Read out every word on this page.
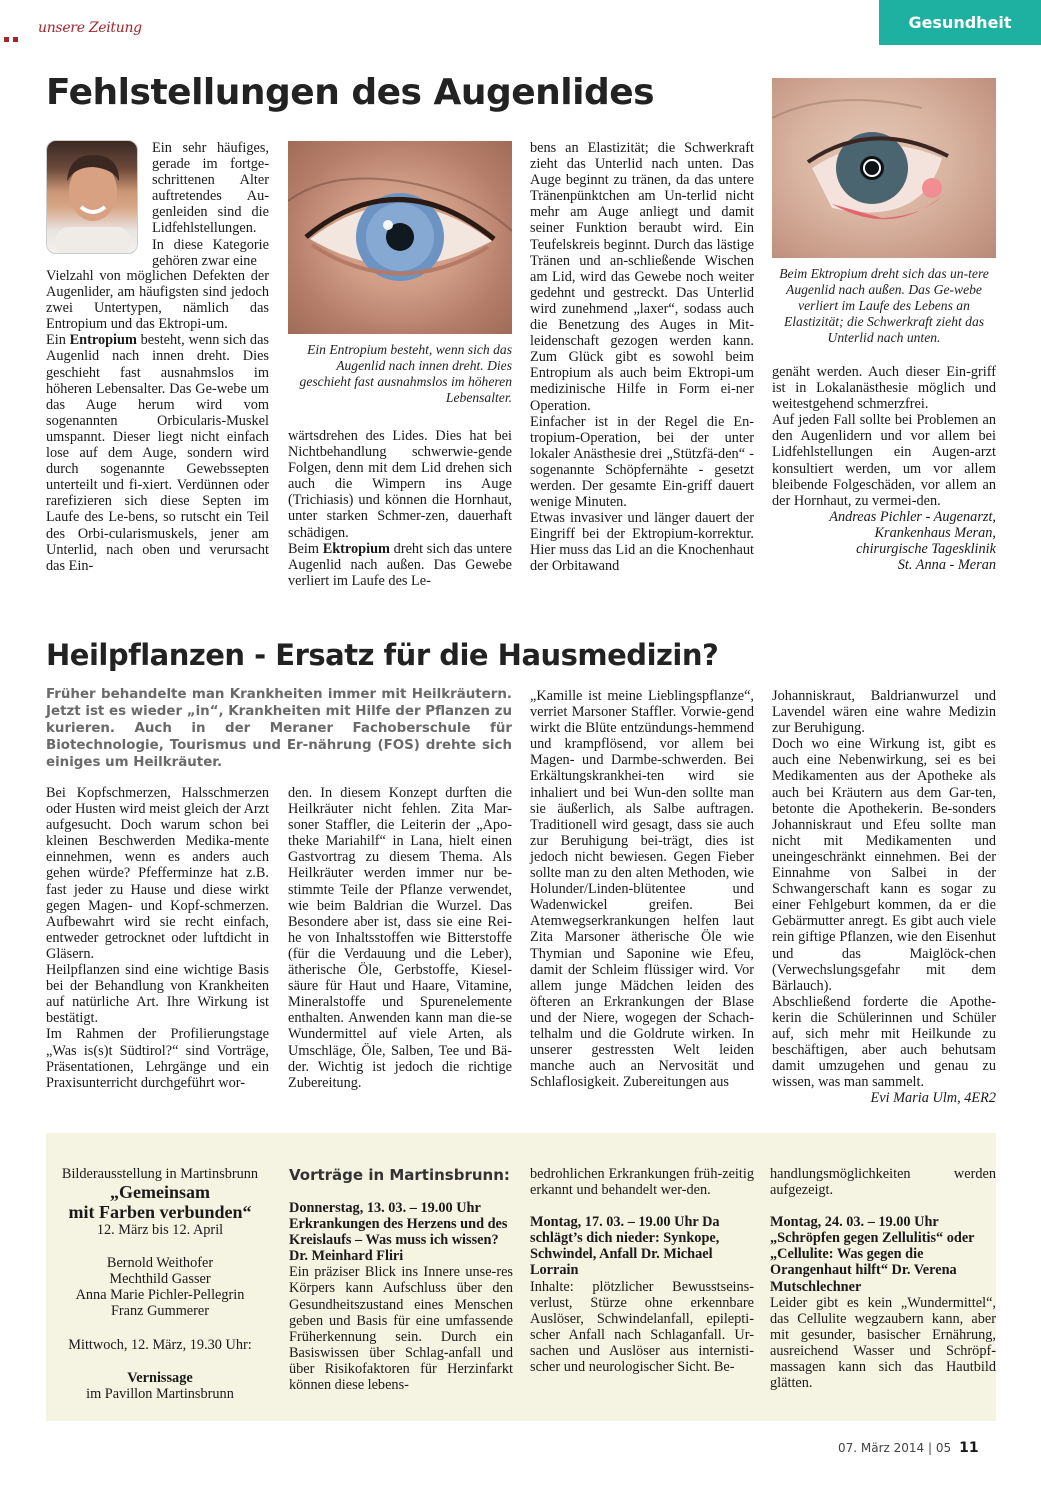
unsere Zeitung	Gesundheit
Fehlstellungen des Augenlides

Ein sehr häufiges, gerade im fortge-schrittenen Alter auftretendes Au-genleiden sind die Lidfehlstellungen. In diese Kategorie gehören zwar eine

Vielzahl von möglichen Defekten der Augenlider, am häufigsten sind jedoch zwei Untertypen, nämlich das Entropium und das Ektropi-um.

Ein Entropium besteht, wenn sich das Augenlid nach innen dreht. Dies geschieht fast ausnahmslos im höheren Lebensalter. Das Ge-webe um das Auge herum wird vom sogenannten Orbicularis-Muskel umspannt. Dieser liegt nicht einfach lose auf dem Auge, sondern wird durch sogenannte Gewebssepten unterteilt und fi-xiert. Verdünnen oder rarefizieren sich diese Septen im Laufe des Le-bens, so rutscht ein Teil des Orbi-cularismuskels, jener am Unterlid, nach oben und verursacht das Ein-

Ein Entropium besteht, wenn sich das Augenlid nach innen dreht. Dies geschieht fast ausnahmslos im höheren Lebensalter.

wärtsdrehen des Lides. Dies hat bei Nichtbehandlung schwerwie-gende Folgen, denn mit dem Lid drehen sich auch die Wimpern ins Auge (Trichiasis) und können die Hornhaut, unter starken Schmer-zen, dauerhaft schädigen.

Beim Ektropium dreht sich das untere Augenlid nach außen. Das Gewebe verliert im Laufe des Le-

bens an Elastizität; die Schwerkraft zieht das Unterlid nach unten. Das Auge beginnt zu tränen, da das untere Tränenpünktchen am Un-terlid nicht mehr am Auge anliegt und damit seiner Funktion beraubt wird. Ein Teufelskreis beginnt. Durch das lästige Tränen und an-schließende Wischen am Lid, wird das Gewebe noch weiter gedehnt und gestreckt. Das Unterlid wird zunehmend „laxer“, sodass auch die Benetzung des Auges in Mit-leidenschaft gezogen werden kann. Zum Glück gibt es sowohl beim Entropium als auch beim Ektropi-um medizinische Hilfe in Form ei-ner Operation.

Einfacher ist in der Regel die En-tropium-Operation, bei der unter lokaler Anästhesie drei „Stützfä-den“ -sogenannte Schöpfernähte - gesetzt werden. Der gesamte Ein-griff dauert wenige Minuten.

Etwas invasiver und länger dauert der Eingriff bei der Ektropium-korrektur. Hier muss das Lid an die Knochenhaut der Orbitawand

Beim Ektropium dreht sich das un-tere Augenlid nach außen. Das Ge-webe verliert im Laufe des Lebens an Elastizität; die Schwerkraft zieht das Unterlid nach unten.

genäht werden. Auch dieser Ein-griff ist in Lokalanästhesie möglich und weitestgehend schmerzfrei.

Auf jeden Fall sollte bei Problemen an den Augenlidern und vor allem bei Lidfehlstellungen ein Augen-arzt konsultiert werden, um vor allem bleibende Folgeschäden, vor allem an der Hornhaut, zu vermei-den.

Andreas Pichler - Augenarzt,
Krankenhaus Meran,
chirurgische Tagesklinik
St. Anna - Meran
Heilpflanzen - Ersatz für die Hausmedizin?
Früher behandelte man Krankheiten immer mit Heilkräutern. Jetzt ist es wieder „in“, Krankheiten mit Hilfe der Pflanzen zu kurieren. Auch in der Meraner Fachoberschule für Biotechnologie, Tourismus und Er-nährung (FOS) drehte sich einiges um Heilkräuter.

Bei Kopfschmerzen, Halsschmerzen oder Husten wird meist gleich der Arzt aufgesucht. Doch warum schon bei kleinen Beschwerden Medika-mente einnehmen, wenn es anders auch gehen würde? Pfefferminze hat z.B. fast jeder zu Hause und diese wirkt gegen Magen- und Kopf-schmerzen. Aufbewahrt wird sie recht einfach, entweder getrocknet oder luftdicht in Gläsern.

Heilpflanzen sind eine wichtige Basis bei der Behandlung von Krankheiten auf natürliche Art. Ihre Wirkung ist bestätigt.

Im Rahmen der Profilierungstage „Was is(s)t Südtirol?“ sind Vorträge, Präsentationen, Lehrgänge und ein Praxisunterricht durchgeführt wor-

den. In diesem Konzept durften die Heilkräuter nicht fehlen. Zita Mar-soner Staffler, die Leiterin der „Apo-theke Mariahilf“ in Lana, hielt einen Gastvortrag zu diesem Thema. Als Heilkräuter werden immer nur be-stimmte Teile der Pflanze verwendet, wie beim Baldrian die Wurzel. Das Besondere aber ist, dass sie eine Rei-he von Inhaltsstoffen wie Bitterstoffe (für die Verdauung und die Leber), ätherische Öle, Gerbstoffe, Kiesel-säure für Haut und Haare, Vitamine, Mineralstoffe und Spurenelemente enthalten. Anwenden kann man die-se Wundermittel auf viele Arten, als Umschläge, Öle, Salben, Tee und Bä-der. Wichtig ist jedoch die richtige Zubereitung.

„Kamille ist meine Lieblingspflanze“, verriet Marsoner Staffler. Vorwie-gend wirkt die Blüte entzündungs-hemmend und krampflösend, vor allem bei Magen- und Darmbe-schwerden. Bei Erkältungskrankhei-ten wird sie inhaliert und bei Wun-den sollte man sie äußerlich, als Salbe auftragen. Traditionell wird gesagt, dass sie auch zur Beruhigung bei-trägt, dies ist jedoch nicht bewiesen. Gegen Fieber sollte man zu den alten Methoden, wie Holunder/Linden-blütentee und Wadenwickel greifen. Bei Atemwegserkrankungen helfen laut Zita Marsoner ätherische Öle wie Thymian und Saponine wie Efeu, damit der Schleim flüssiger wird. Vor allem junge Mädchen leiden des öfteren an Erkrankungen der Blase und der Niere, wogegen der Schach-telhalm und die Goldrute wirken. In unserer gestressten Welt leiden manche auch an Nervosität und Schlaflosigkeit. Zubereitungen aus

Johanniskraut, Baldrianwurzel und Lavendel wären eine wahre Medizin zur Beruhigung.

Doch wo eine Wirkung ist, gibt es auch eine Nebenwirkung, sei es bei Medikamenten aus der Apotheke als auch bei Kräutern aus dem Gar-ten, betonte die Apothekerin. Be-sonders Johanniskraut und Efeu sollte man nicht mit Medikamenten und uneingeschränkt einnehmen. Bei der Einnahme von Salbei in der Schwangerschaft kann es sogar zu einer Fehlgeburt kommen, da er die Gebärmutter anregt. Es gibt auch viele rein giftige Pflanzen, wie den Eisenhut und das Maiglöck-chen (Verwechslungsgefahr mit dem Bärlauch).

Abschließend forderte die Apothe-kerin die Schülerinnen und Schüler auf, sich mehr mit Heilkunde zu beschäftigen, aber auch behutsam damit umzugehen und genau zu wissen, was man sammelt.

Evi Maria Ulm, 4ER2
Bilderausstellung in Martinsbrunn
„Gemeinsam
mit Farben verbunden“
12. März bis 12. April
Bernold Weithofer
Mechthild Gasser
Anna Marie Pichler-Pellegrin
Franz Gummerer
Mittwoch, 12. März, 19.30 Uhr:
Vernissage
im Pavillon Martinsbrunn
Vorträge in Martinsbrunn:

Donnerstag, 13. 03. – 19.00 Uhr Erkrankungen des Herzens und des Kreislaufs – Was muss ich wissen? Dr. Meinhard Fliri

Ein präziser Blick ins Innere unse-res Körpers kann Aufschluss über den Gesundheitszustand eines Menschen geben und Basis für eine umfassende Früherkennung sein. Durch ein Basiswissen über Schlag-anfall und über Risikofaktoren für Herzinfarkt können diese lebens-

bedrohlichen Erkrankungen früh-zeitig erkannt und behandelt wer-den.

Montag, 17. 03. – 19.00 Uhr Da schlägt’s dich nieder: Synkope, Schwindel, Anfall Dr. Michael Lorrain

Inhalte: plötzlicher Bewusstseins-verlust, Stürze ohne erkennbare Auslöser, Schwindelanfall, epilepti-scher Anfall nach Schlaganfall. Ur-sachen und Auslöser aus internisti-scher und neurologischer Sicht. Be-

handlungsmöglichkeiten werden aufgezeigt.

Montag, 24. 03. – 19.00 Uhr „Schröpfen gegen Zellulitis“ oder „Cellulite: Was gegen die Orangenhaut hilft“ Dr. Verena Mutschlechner

Leider gibt es kein „Wundermittel“, das Cellulite wegzaubern kann, aber mit gesunder, basischer Ernährung, ausreichend Wasser und Schröpf-massagen kann sich das Hautbild glätten.

07. März 2014 | 05 11
